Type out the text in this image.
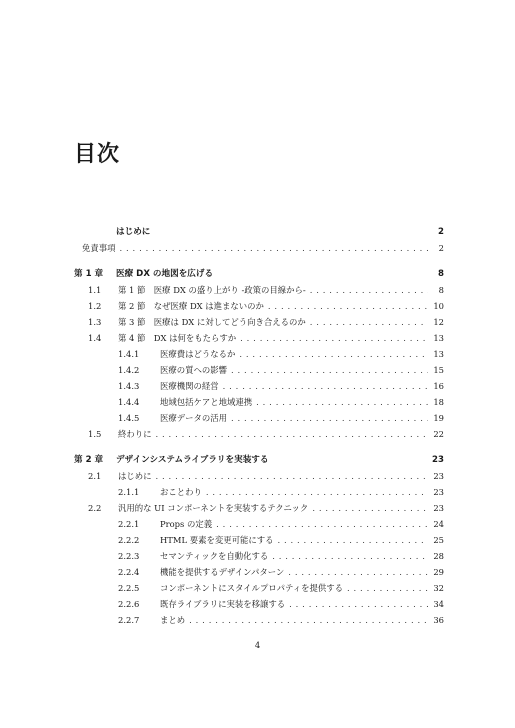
目次
はじめに	2
免責事項 . . .	2
第 1 章	医療 DX の地図を広げる	8
1.1	第 1 節　医療 DX の盛り上がり -政策の目線から- . . .	8
1.2	第 2 節　なぜ医療 DX は進まないのか . . .	10
1.3	第 3 節　医療は DX に対してどう向き合えるのか . . .	12
1.4	第 4 節　DX は何をもたらすか . . .	13
1.4.1	医療費はどうなるか . . .	13
1.4.2	医療の質への影響 . . .	15
1.4.3	医療機関の経営 . . .	16
1.4.4	地域包括ケアと地域連携 . . .	18
1.4.5	医療データの活用 . . .	19
1.5	終わりに . . .	22
第 2 章	デザインシステムライブラリを実装する	23
2.1	はじめに . . .	23
2.1.1	おことわり . . .	23
2.2	汎用的な UI コンポーネントを実装するテクニック . . .	23
2.2.1	Props の定義 . . .	24
2.2.2	HTML 要素を変更可能にする . . .	25
2.2.3	セマンティックを自動化する . . .	28
2.2.4	機能を提供するデザインパターン . . .	29
2.2.5	コンポーネントにスタイルプロパティを提供する . . .	32
2.2.6	既存ライブラリに実装を移譲する . . .	34
2.2.7	まとめ . . .	36
4
